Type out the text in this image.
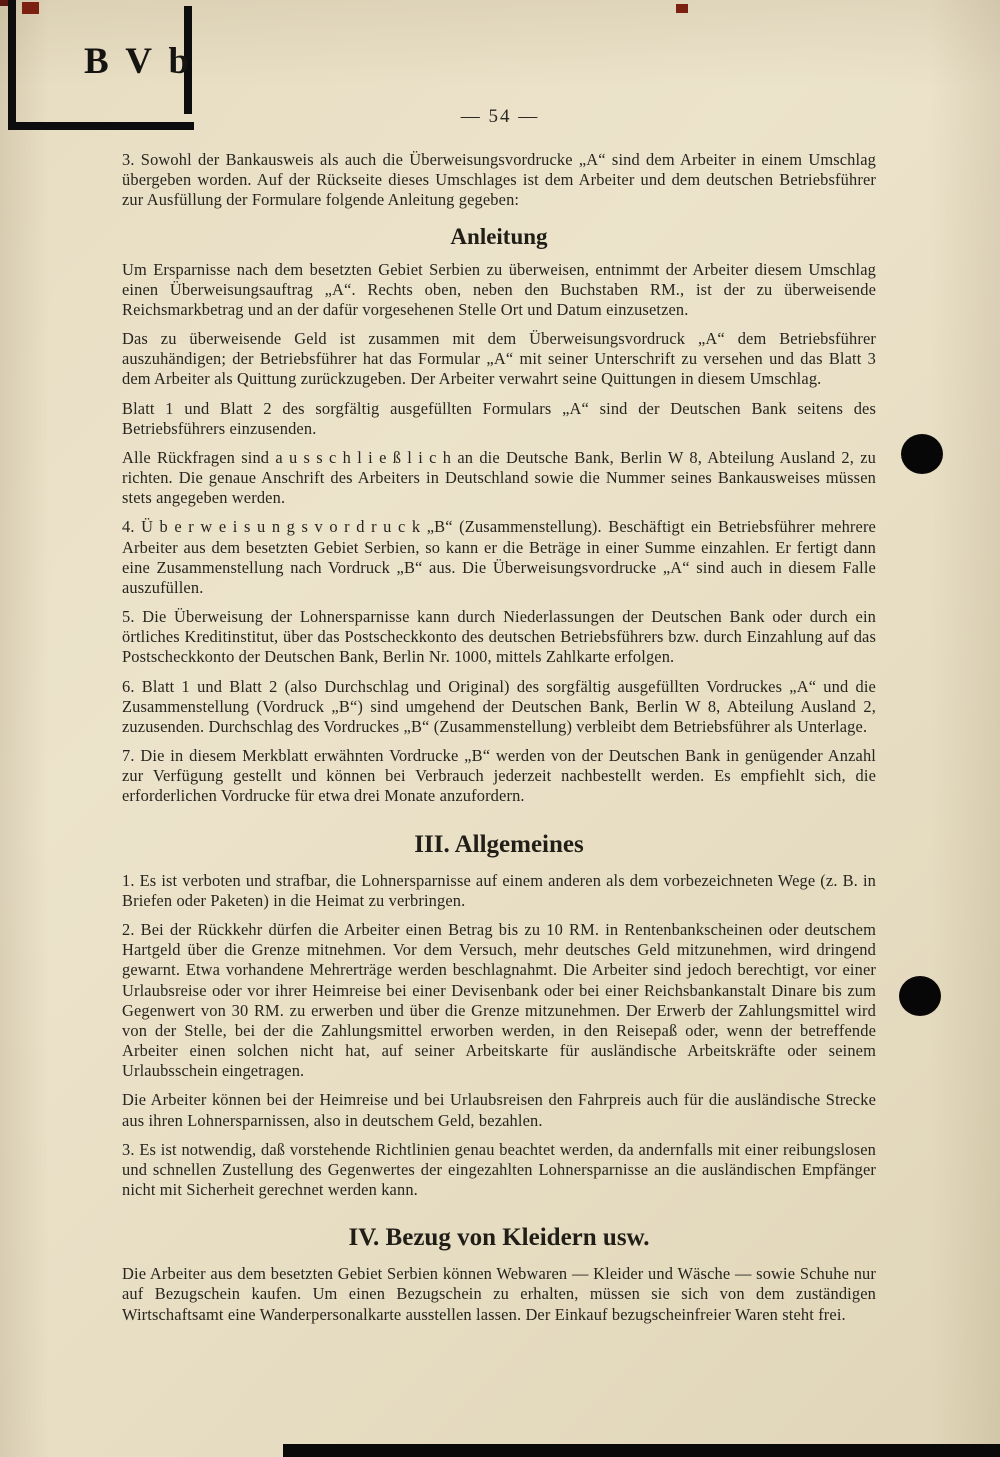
B V b
— 54 —

3. Sowohl der Bankausweis als auch die Überweisungsvordrucke „A“ sind dem Arbeiter in einem Umschlag übergeben worden. Auf der Rückseite dieses Umschlages ist dem Arbeiter und dem deutschen Betriebsführer zur Ausfüllung der Formulare folgende Anleitung gegeben:

Anleitung

Um Ersparnisse nach dem besetzten Gebiet Serbien zu überweisen, entnimmt der Arbeiter diesem Umschlag einen Überweisungsauftrag „A“. Rechts oben, neben den Buchstaben RM., ist der zu überweisende Reichsmarkbetrag und an der dafür vorgesehenen Stelle Ort und Datum einzusetzen.

Das zu überweisende Geld ist zusammen mit dem Überweisungsvordruck „A“ dem Betriebsführer auszuhändigen; der Betriebsführer hat das Formular „A“ mit seiner Unterschrift zu versehen und das Blatt 3 dem Arbeiter als Quittung zurückzugeben. Der Arbeiter verwahrt seine Quittungen in diesem Umschlag.

Blatt 1 und Blatt 2 des sorgfältig ausgefüllten Formulars „A“ sind der Deutschen Bank seitens des Betriebsführers einzusenden.

Alle Rückfragen sind a u s s c h l i e ß l i c h an die Deutsche Bank, Berlin W 8, Abteilung Ausland 2, zu richten. Die genaue Anschrift des Arbeiters in Deutschland sowie die Nummer seines Bankausweises müssen stets angegeben werden.

4. Ü b e r w e i s u n g s v o r d r u c k „B“ (Zusammenstellung). Beschäftigt ein Betriebsführer mehrere Arbeiter aus dem besetzten Gebiet Serbien, so kann er die Beträge in einer Summe einzahlen. Er fertigt dann eine Zusammenstellung nach Vordruck „B“ aus. Die Überweisungsvordrucke „A“ sind auch in diesem Falle auszufüllen.

5. Die Überweisung der Lohnersparnisse kann durch Niederlassungen der Deutschen Bank oder durch ein örtliches Kreditinstitut, über das Postscheckkonto des deutschen Betriebsführers bzw. durch Einzahlung auf das Postscheckkonto der Deutschen Bank, Berlin Nr. 1000, mittels Zahlkarte erfolgen.

6. Blatt 1 und Blatt 2 (also Durchschlag und Original) des sorgfältig ausgefüllten Vordruckes „A“ und die Zusammenstellung (Vordruck „B“) sind umgehend der Deutschen Bank, Berlin W 8, Abteilung Ausland 2, zuzusenden. Durchschlag des Vordruckes „B“ (Zusammenstellung) verbleibt dem Betriebsführer als Unterlage.

7. Die in diesem Merkblatt erwähnten Vordrucke „B“ werden von der Deutschen Bank in genügender Anzahl zur Verfügung gestellt und können bei Verbrauch jederzeit nachbestellt werden. Es empfiehlt sich, die erforderlichen Vordrucke für etwa drei Monate anzufordern.

III. Allgemeines

1. Es ist verboten und strafbar, die Lohnersparnisse auf einem anderen als dem vorbezeichneten Wege (z. B. in Briefen oder Paketen) in die Heimat zu verbringen.

2. Bei der Rückkehr dürfen die Arbeiter einen Betrag bis zu 10 RM. in Rentenbankscheinen oder deutschem Hartgeld über die Grenze mitnehmen. Vor dem Versuch, mehr deutsches Geld mitzunehmen, wird dringend gewarnt. Etwa vorhandene Mehrerträge werden beschlagnahmt. Die Arbeiter sind jedoch berechtigt, vor einer Urlaubsreise oder vor ihrer Heimreise bei einer Devisenbank oder bei einer Reichsbankanstalt Dinare bis zum Gegenwert von 30 RM. zu erwerben und über die Grenze mitzunehmen. Der Erwerb der Zahlungsmittel wird von der Stelle, bei der die Zahlungsmittel erworben werden, in den Reisepaß oder, wenn der betreffende Arbeiter einen solchen nicht hat, auf seiner Arbeitskarte für ausländische Arbeitskräfte oder seinem Urlaubsschein eingetragen.

Die Arbeiter können bei der Heimreise und bei Urlaubsreisen den Fahrpreis auch für die ausländische Strecke aus ihren Lohnersparnissen, also in deutschem Geld, bezahlen.

3. Es ist notwendig, daß vorstehende Richtlinien genau beachtet werden, da andernfalls mit einer reibungslosen und schnellen Zustellung des Gegenwertes der eingezahlten Lohnersparnisse an die ausländischen Empfänger nicht mit Sicherheit gerechnet werden kann.

IV. Bezug von Kleidern usw.

Die Arbeiter aus dem besetzten Gebiet Serbien können Webwaren — Kleider und Wäsche — sowie Schuhe nur auf Bezugschein kaufen. Um einen Bezugschein zu erhalten, müssen sie sich von dem zuständigen Wirtschaftsamt eine Wanderpersonalkarte ausstellen lassen. Der Einkauf bezugscheinfreier Waren steht frei.
